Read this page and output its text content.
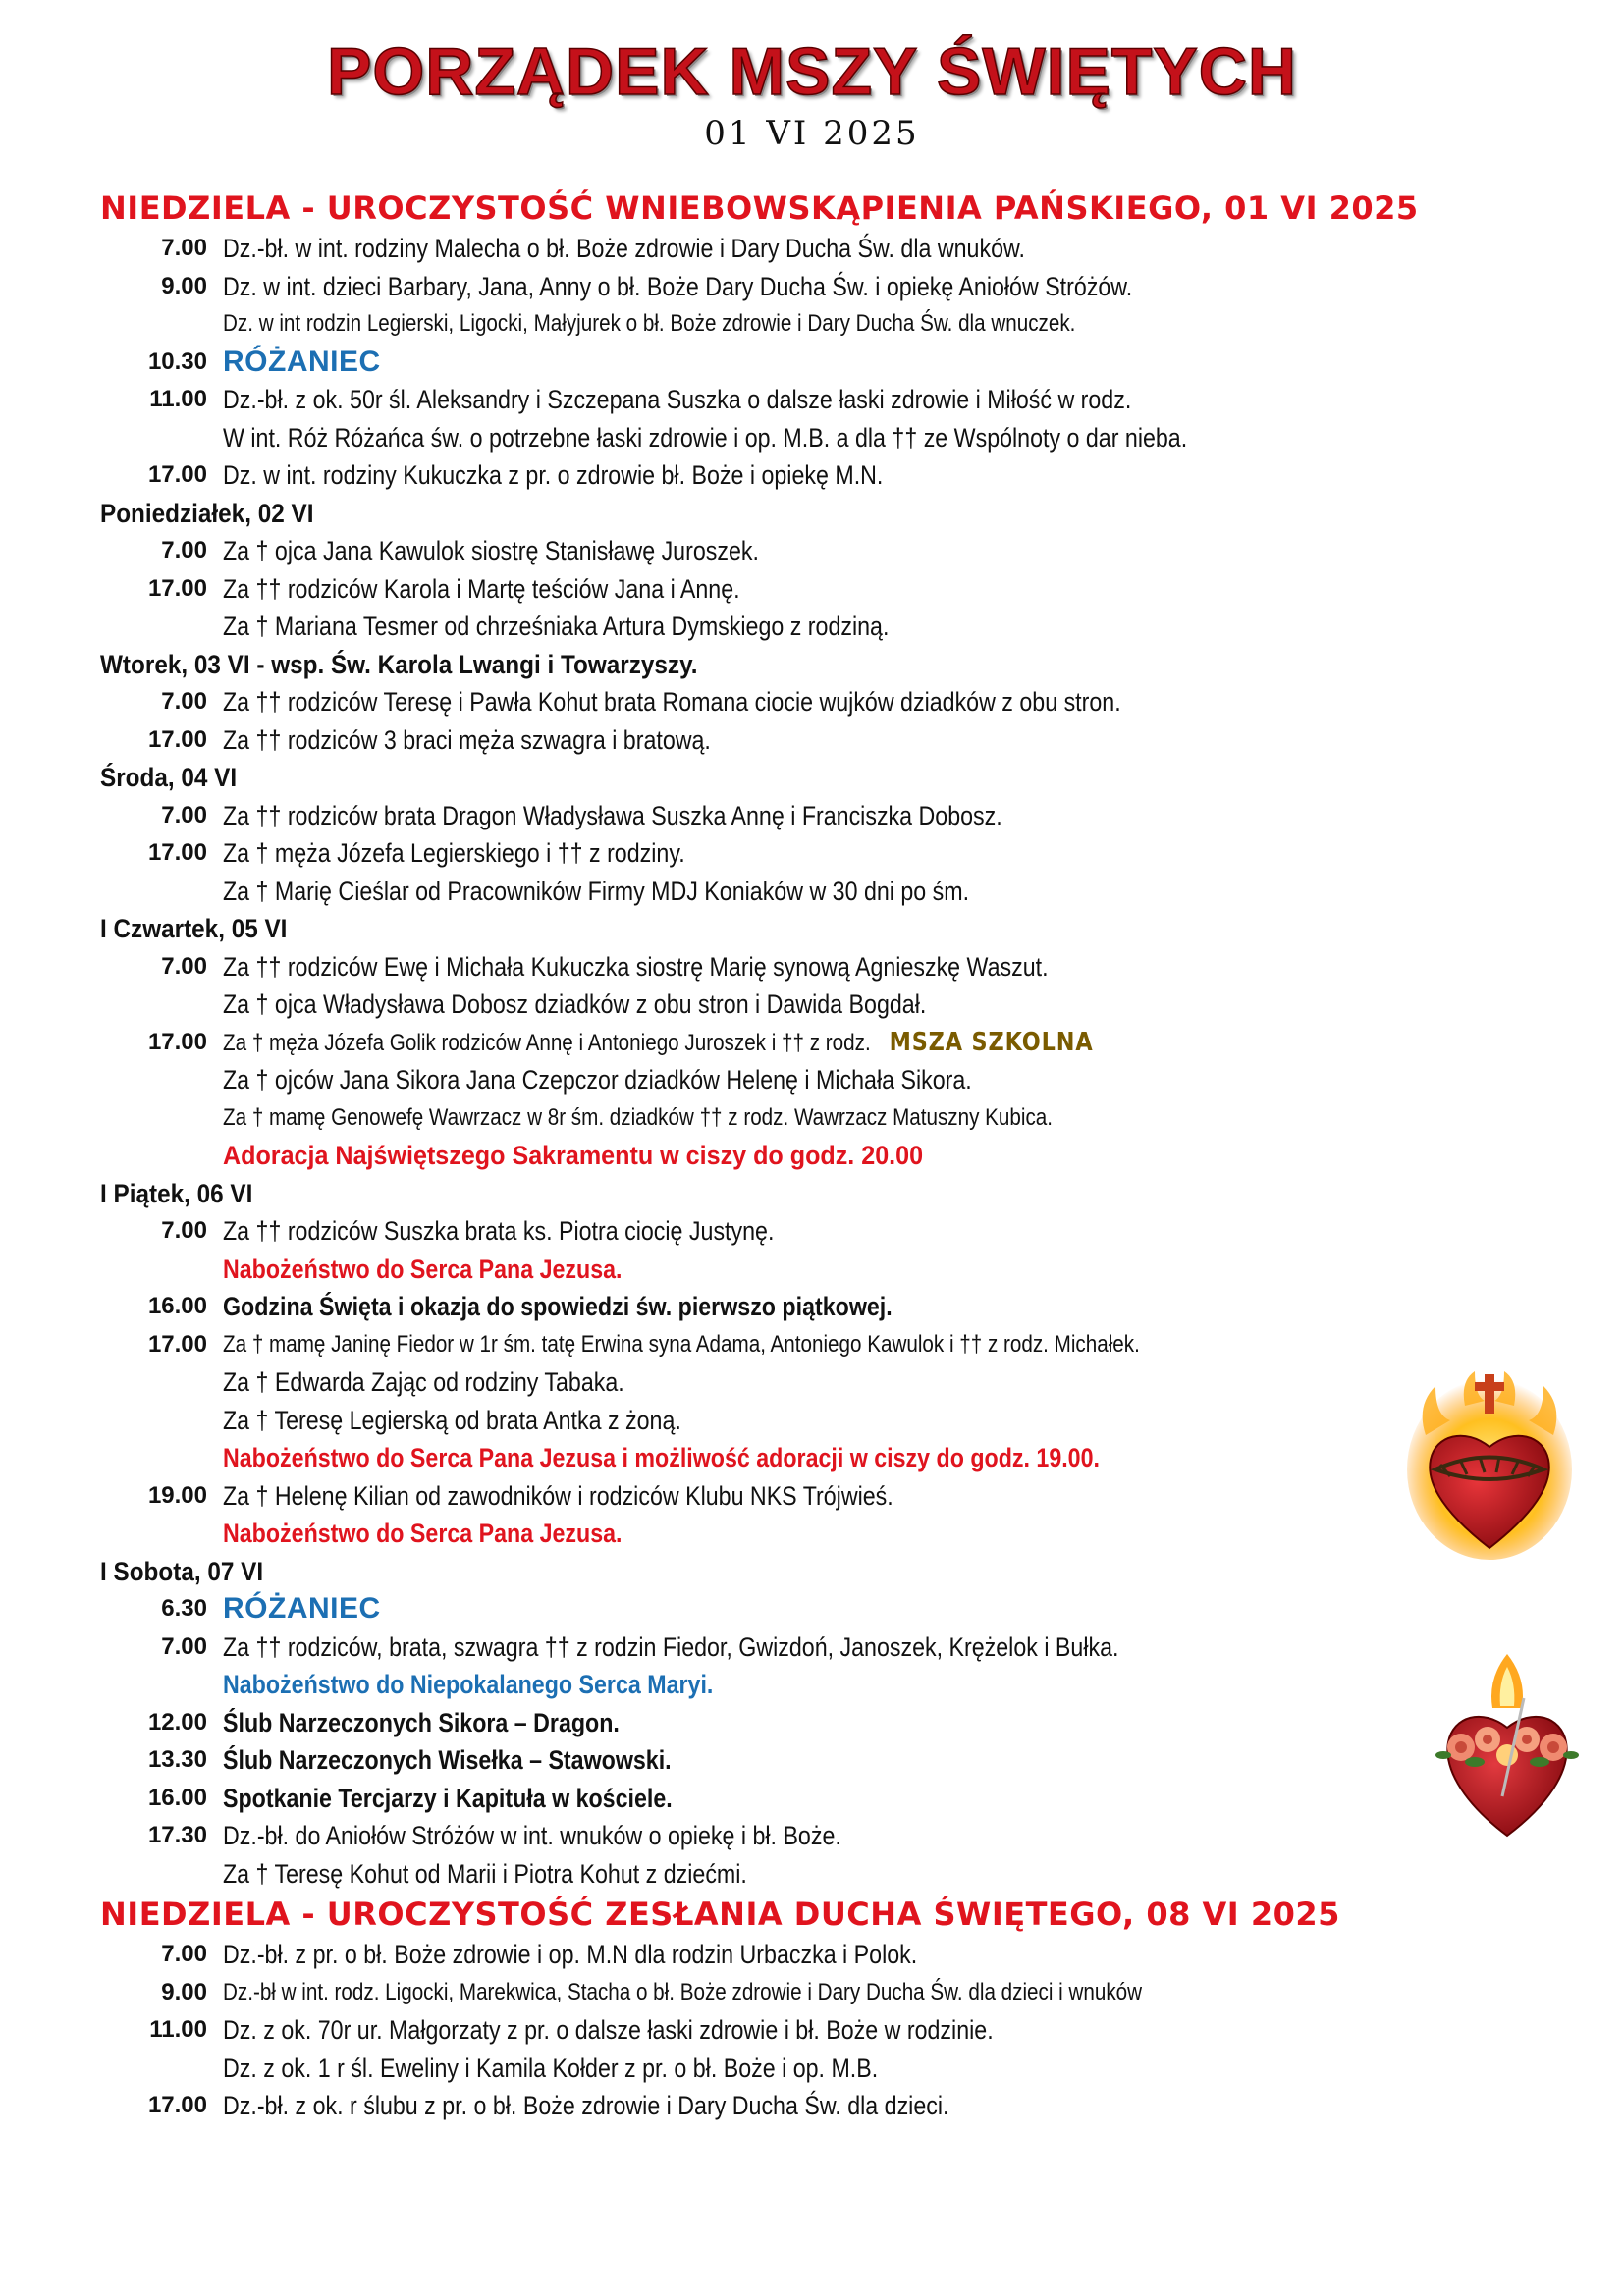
PORZĄDEK MSZY ŚWIĘTYCH
01 VI 2025
NIEDZIELA - UROCZYSTOŚĆ WNIEBOWSKĄPIENIA PAŃSKIEGO, 01 VI 2025
7.00 Dz.-bł. w int. rodziny Malecha o bł. Boże zdrowie i Dary Ducha Św. dla wnuków.
9.00 Dz. w int. dzieci Barbary, Jana, Anny o bł. Boże Dary Ducha Św. i opiekę Aniołów Stróżów.
Dz. w int rodzin Legierski, Ligocki, Małyjurek o bł. Boże zdrowie i Dary Ducha Św. dla wnuczek.
10.30 RÓŻANIEC
11.00 Dz.-bł. z ok. 50r śl. Aleksandry i Szczepana Suszka o dalsze łaski zdrowie i Miłość w rodz.
W int. Róż Różańca św. o potrzebne łaski zdrowie i op. M.B. a dla †† ze Wspólnoty o dar nieba.
17.00 Dz. w int. rodziny Kukuczka z pr. o zdrowie bł. Boże i opiekę M.N.
Poniedziałek, 02 VI
7.00 Za † ojca Jana Kawulok siostrę Stanisławę Juroszek.
17.00 Za †† rodziców Karola i Martę teściów Jana i Annę.
Za † Mariana Tesmer od chrześniaka Artura Dymskiego z rodziną.
Wtorek, 03 VI - wsp. Św. Karola Lwangi i Towarzyszy.
7.00 Za †† rodziców Teresę i Pawła Kohut brata Romana ciocie wujków dziadków z obu stron.
17.00 Za †† rodziców 3 braci męża szwagra i bratową.
Środa, 04 VI
7.00 Za †† rodziców brata Dragon Władysława Suszka Annę i Franciszka Dobosz.
17.00 Za † męża Józefa Legierskiego i †† z rodziny.
Za † Marię Cieślar od Pracowników Firmy MDJ Koniaków w 30 dni po śm.
I Czwartek, 05 VI
7.00 Za †† rodziców Ewę i Michała Kukuczka siostrę Marię synową Agnieszkę Waszut.
Za † ojca Władysława Dobosz dziadków z obu stron i Dawida Bogdał.
17.00 Za † męża Józefa Golik rodziców Annę i Antoniego Juroszek i †† z rodz. MSZA SZKOLNA
Za † ojców Jana Sikora Jana Czepczor dziadków Helenę i Michała Sikora.
Za † mamę Genowefę Wawrzacz w 8r śm. dziadków †† z rodz. Wawrzacz Matuszny Kubica.
Adoracja Najświętszego Sakramentu w ciszy do godz. 20.00
I Piątek, 06 VI
7.00 Za †† rodziców Suszka brata ks. Piotra ciocię Justynę.
Nabożeństwo do Serca Pana Jezusa.
16.00 Godzina Święta i okazja do spowiedzi św. pierwszo piątkowej.
17.00 Za † mamę Janinę Fiedor w 1r śm. tatę Erwina syna Adama, Antoniego Kawulok i †† z rodz. Michałek.
Za † Edwarda Zając od rodziny Tabaka.
Za † Teresę Legierską od brata Antka z żoną.
Nabożeństwo do Serca Pana Jezusa i możliwość adoracji w ciszy do godz. 19.00.
19.00 Za † Helenę Kilian od zawodników i rodziców Klubu NKS Trójwieś.
Nabożeństwo do Serca Pana Jezusa.
I Sobota, 07 VI
6.30 RÓŻANIEC
7.00 Za †† rodziców, brata, szwagra †† z rodzin Fiedor, Gwizdoń, Janoszek, Krężelok i Bułka.
Nabożeństwo do Niepokalanego Serca Maryi.
12.00 Ślub Narzeczonych Sikora – Dragon.
13.30 Ślub Narzeczonych Wisełka – Stawowski.
16.00 Spotkanie Tercjarzy i Kapituła w kościele.
17.30 Dz.-bł. do Aniołów Stróżów w int. wnuków o opiekę i bł. Boże.
Za † Teresę Kohut od Marii i Piotra Kohut z dziećmi.
NIEDZIELA - UROCZYSTOŚĆ ZESŁANIA DUCHA ŚWIĘTEGO, 08 VI 2025
7.00 Dz.-bł. z pr. o bł. Boże zdrowie i op. M.N dla rodzin Urbaczka i Polok.
9.00 Dz.-bł w int. rodz. Ligocki, Marekwica, Stacha o bł. Boże zdrowie i Dary Ducha Św. dla dzieci i wnuków
11.00 Dz. z ok. 70r ur. Małgorzaty z pr. o dalsze łaski zdrowie i bł. Boże w rodzinie.
Dz. z ok. 1 r śl. Eweliny i Kamila Kołder z pr. o bł. Boże i op. M.B.
17.00 Dz.-bł. z ok. r ślubu z pr. o bł. Boże zdrowie i Dary Ducha Św. dla dzieci.
